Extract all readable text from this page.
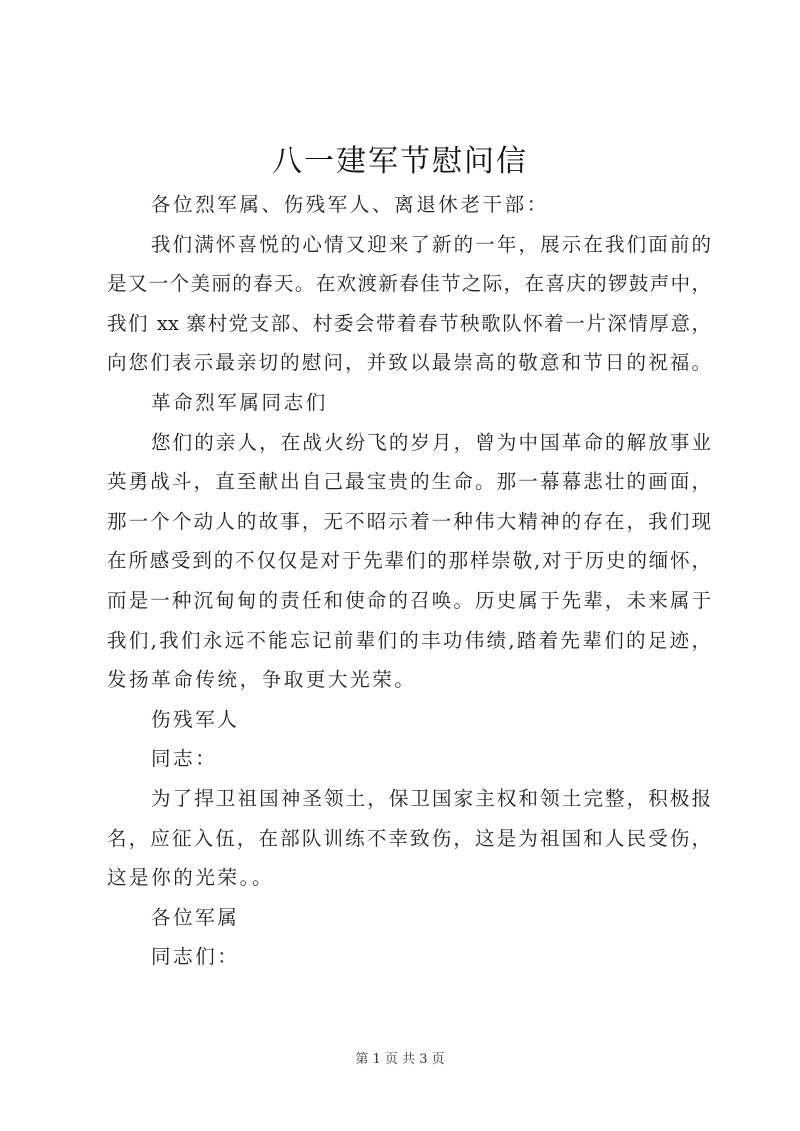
八一建军节慰问信
各位烈军属、伤残军人、离退休老干部：
我们满怀喜悦的心情又迎来了新的一年，展示在我们面前的
是又一个美丽的春天。在欢渡新春佳节之际，在喜庆的锣鼓声中，
我们 xx 寨村党支部、村委会带着春节秧歌队怀着一片深情厚意，
向您们表示最亲切的慰问，并致以最崇高的敬意和节日的祝福。
革命烈军属同志们
您们的亲人，在战火纷飞的岁月，曾为中国革命的解放事业
英勇战斗，直至献出自己最宝贵的生命。那一幕幕悲壮的画面，
那一个个动人的故事，无不昭示着一种伟大精神的存在，我们现
在所感受到的不仅仅是对于先辈们的那样崇敬,对于历史的缅怀，
而是一种沉甸甸的责任和使命的召唤。历史属于先辈，未来属于
我们,我们永远不能忘记前辈们的丰功伟绩,踏着先辈们的足迹，
发扬革命传统，争取更大光荣。
伤残军人
同志：
为了捍卫祖国神圣领土，保卫国家主权和领土完整，积极报
名，应征入伍，在部队训练不幸致伤，这是为祖国和人民受伤，
这是你的光荣。。
各位军属
同志们：
第 1 页 共 3 页
